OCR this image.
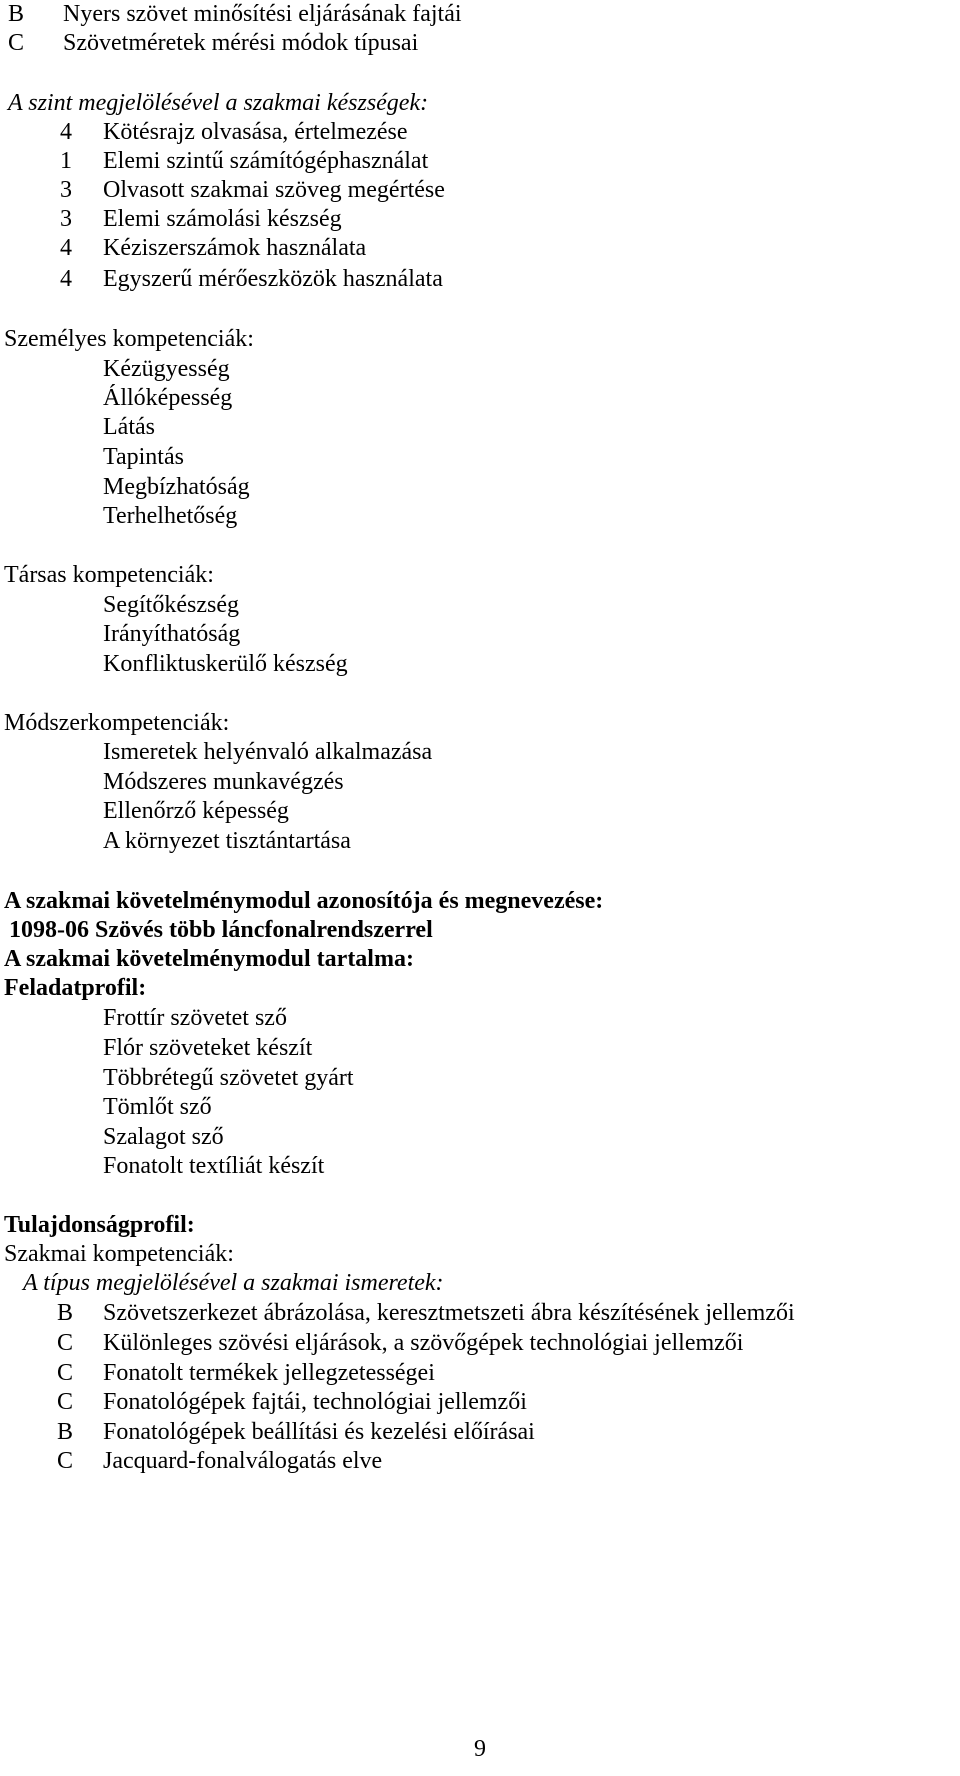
B	Nyers szövet minősítési eljárásának fajtái
C	Szövetméretek mérési módok típusai
A szint megjelölésével a szakmai készségek:
4	Kötésrajz olvasása, értelmezése
1	Elemi szintű számítógéphasználat
3	Olvasott szakmai szöveg megértése
3	Elemi számolási készség
4	Kéziszerszámok használata
4	Egyszerű mérőeszközök használata
Személyes kompetenciák:
Kézügyesség
Állóképesség
Látás
Tapintás
Megbízhatóság
Terhelhetőség
Társas kompetenciák:
Segítőkészség
Irányíthatóság
Konfliktuskerülő készség
Módszerkompetenciák:
Ismeretek helyénvaló alkalmazása
Módszeres munkavégzés
Ellenőrző képesség
A környezet tisztántartása
A szakmai követelménymodul azonosítója és megnevezése:
1098-06 Szövés több láncfonalrendszerrel
A szakmai követelménymodul tartalma:
Feladatprofil:
Frottír szövetet sző
Flór szöveteket készít
Többrétegű szövetet gyárt
Tömlőt sző
Szalagot sző
Fonatolt textíliát készít
Tulajdonságprofil:
Szakmai kompetenciák:
A típus megjelölésével a szakmai ismeretek:
B	Szövetszerkezet ábrázolása, keresztmetszeti ábra készítésének jellemzői
C	Különleges szövési eljárások, a szövőgépek technológiai jellemzői
C	Fonatolt termékek jellegzetességei
C	Fonatológépek fajtái, technológiai jellemzői
B	Fonatológépek beállítási és kezelési előírásai
C	Jacquard-fonalválogatás elve
9
